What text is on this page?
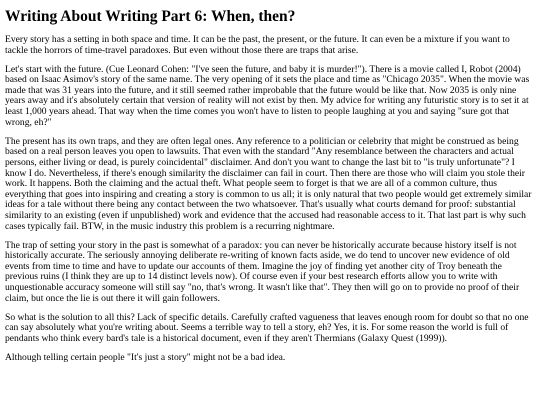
Writing About Writing Part 6: When, then?

Every story has a setting in both space and time. It can be the past, the present, or the future. It can even be a mixture if you want to tackle the horrors of time-travel paradoxes. But even without those there are traps that arise.

Let's start with the future. (Cue Leonard Cohen: "I've seen the future, and baby it is murder!"). There is a movie called I, Robot (2004) based on Isaac Asimov's story of the same name. The very opening of it sets the place and time as "Chicago 2035". When the movie was made that was 31 years into the future, and it still seemed rather improbable that the future would be like that. Now 2035 is only nine years away and it's absolutely certain that version of reality will not exist by then. My advice for writing any futuristic story is to set it at least 1,000 years ahead. That way when the time comes you won't have to listen to people laughing at you and saying "sure got that wrong, eh?"

The present has its own traps, and they are often legal ones. Any reference to a politician or celebrity that might be construed as being based on a real person leaves you open to lawsuits. That even with the standard "Any resemblance between the characters and actual persons, either living or dead, is purely coincidental" disclaimer. And don't you want to change the last bit to "is truly unfortunate"? I know I do. Nevertheless, if there's enough similarity the disclaimer can fail in court. Then there are those who will claim you stole their work. It happens. Both the claiming and the actual theft. What people seem to forget is that we are all of a common culture, thus everything that goes into inspiring and creating a story is common to us all; it is only natural that two people would get extremely similar ideas for a tale without there being any contact between the two whatsoever. That's usually what courts demand for proof: substantial similarity to an existing (even if unpublished) work and evidence that the accused had reasonable access to it. That last part is why such cases typically fail. BTW, in the music industry this problem is a recurring nightmare.

The trap of setting your story in the past is somewhat of a paradox: you can never be historically accurate because history itself is not historically accurate. The seriously annoying deliberate re-writing of known facts aside, we do tend to uncover new evidence of old events from time to time and have to update our accounts of them. Imagine the joy of finding yet another city of Troy beneath the previous ruins (I think they are up to 14 distinct levels now). Of course even if your best research efforts allow you to write with unquestionable accuracy someone will still say "no, that's wrong. It wasn't like that". They then will go on to provide no proof of their claim, but once the lie is out there it will gain followers.

So what is the solution to all this? Lack of specific details. Carefully crafted vagueness that leaves enough room for doubt so that no one can say absolutely what you're writing about. Seems a terrible way to tell a story, eh? Yes, it is. For some reason the world is full of pendants who think every bard's tale is a historical document, even if they aren't Thermians (Galaxy Quest (1999)).

Although telling certain people "It's just a story" might not be a bad idea.
